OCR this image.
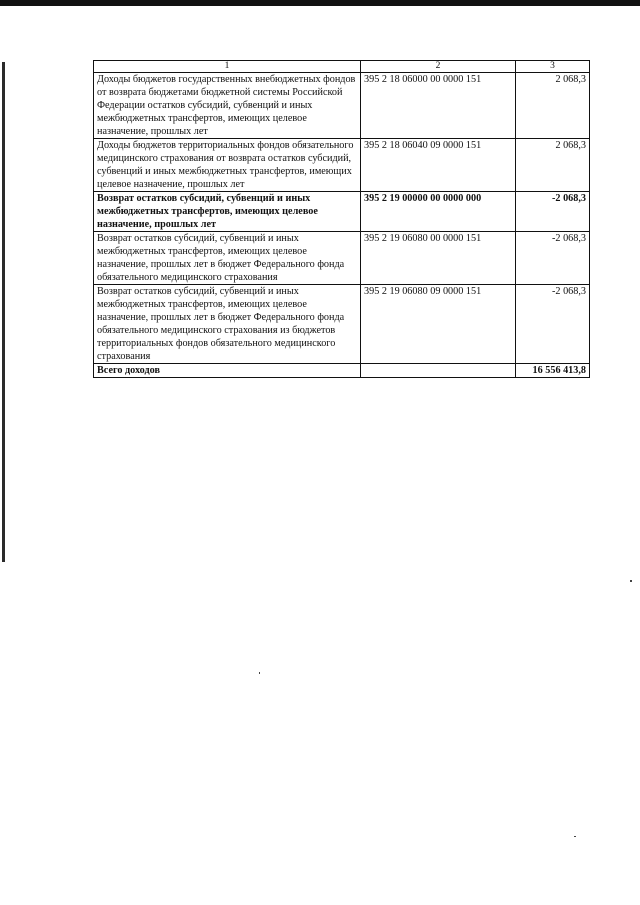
1	2	3
Доходы бюджетов государственных внебюджетных фондов от возврата бюджетами бюджетной системы Российской Федерации остатков субсидий, субвенций и иных межбюджетных трансфертов, имеющих целевое назначение, прошлых лет	395 2 18 06000 00 0000 151	2 068,3
Доходы бюджетов территориальных фондов обязательного медицинского страхования от возврата остатков субсидий, субвенций и иных межбюджетных трансфертов, имеющих целевое назначение, прошлых лет	395 2 18 06040 09 0000 151	2 068,3
Возврат остатков субсидий, субвенций и иных межбюджетных трансфертов, имеющих целевое назначение, прошлых лет	395 2 19 00000 00 0000 000	-2 068,3
Возврат остатков субсидий, субвенций и иных межбюджетных трансфертов, имеющих целевое назначение, прошлых лет в бюджет Федерального фонда обязательного медицинского страхования	395 2 19 06080 00 0000 151	-2 068,3
Возврат остатков субсидий, субвенций и иных межбюджетных трансфертов, имеющих целевое назначение, прошлых лет в бюджет Федерального фонда обязательного медицинского страхования из бюджетов территориальных фондов обязательного медицинского страхования	395 2 19 06080 09 0000 151	-2 068,3
Всего доходов		16 556 413,8
